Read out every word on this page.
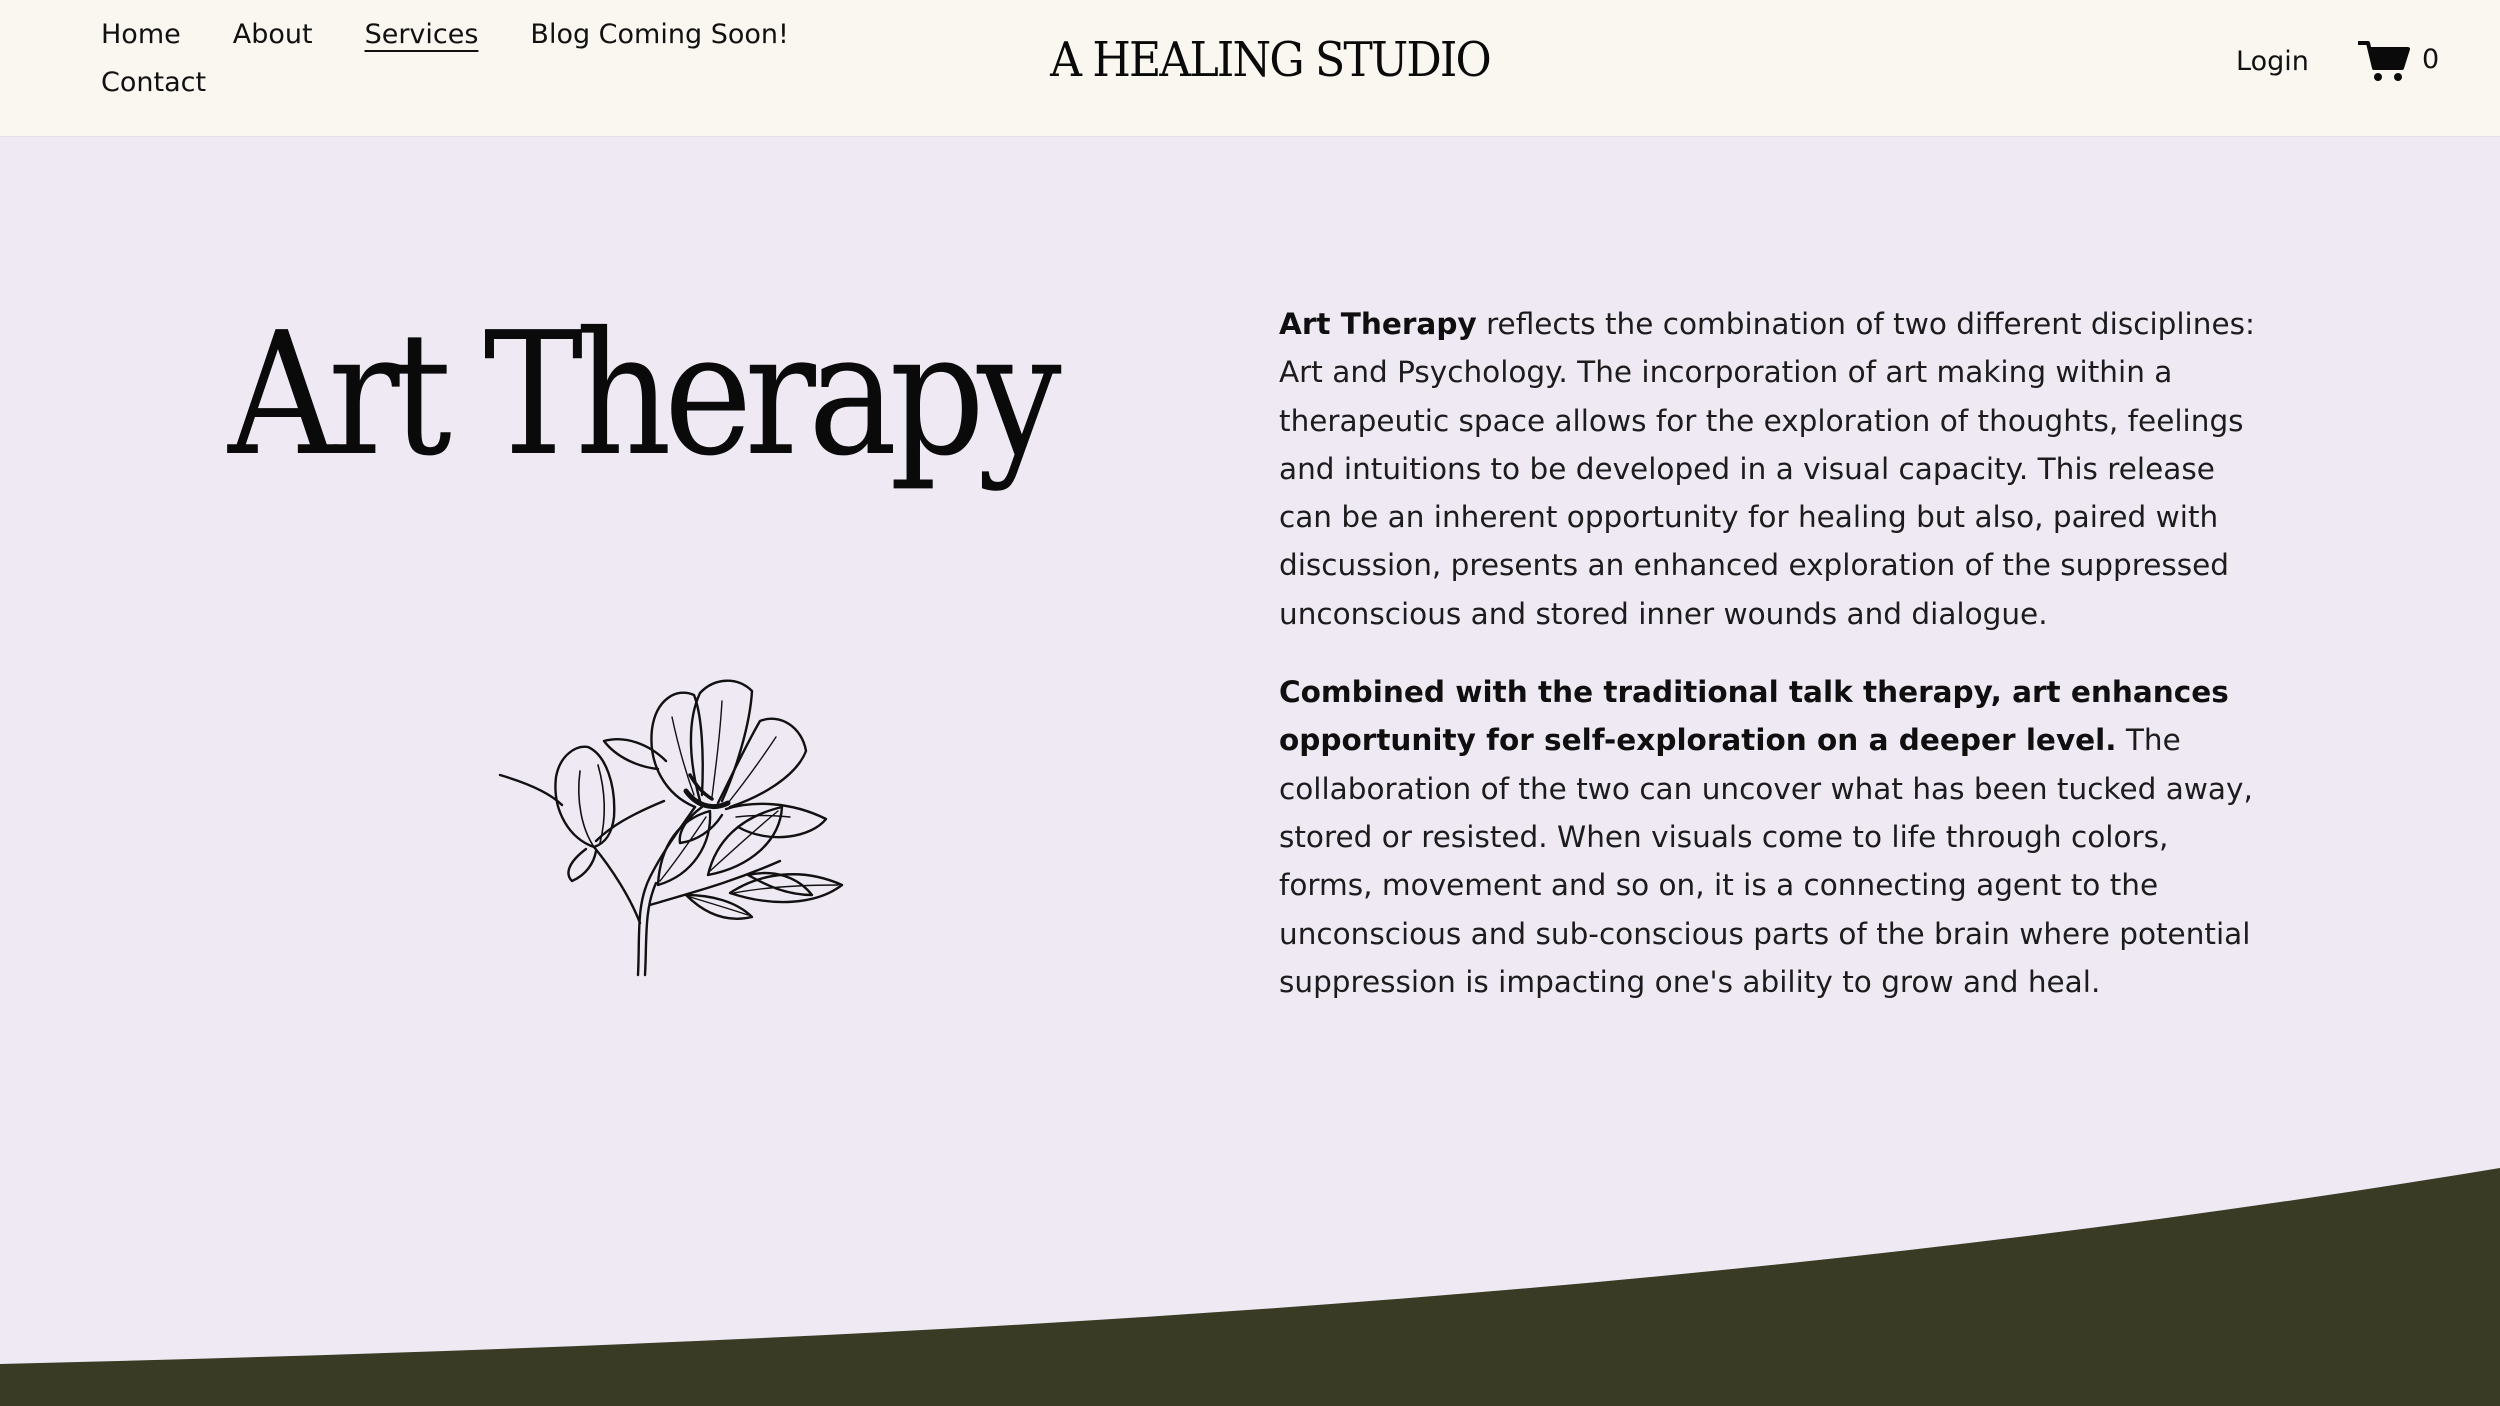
Home About Services Blog Coming Soon!
Contact	A HEALING STUDIO	Login	0
Art Therapy	Art Therapy reflects the combination of two different disciplines: Art and Psychology. The incorporation of art making within a therapeutic space allows for the exploration of thoughts, feelings and intuitions to be developed in a visual capacity. This release can be an inherent opportunity for healing but also, paired with discussion, presents an enhanced exploration of the suppressed unconscious and stored inner wounds and dialogue.

Combined with the traditional talk therapy, art enhances opportunity for self-exploration on a deeper level. The collaboration of the two can uncover what has been tucked away, stored or resisted. When visuals come to life through colors, forms, movement and so on, it is a connecting agent to the unconscious and sub-conscious parts of the brain where potential suppression is impacting one's ability to grow and heal.
